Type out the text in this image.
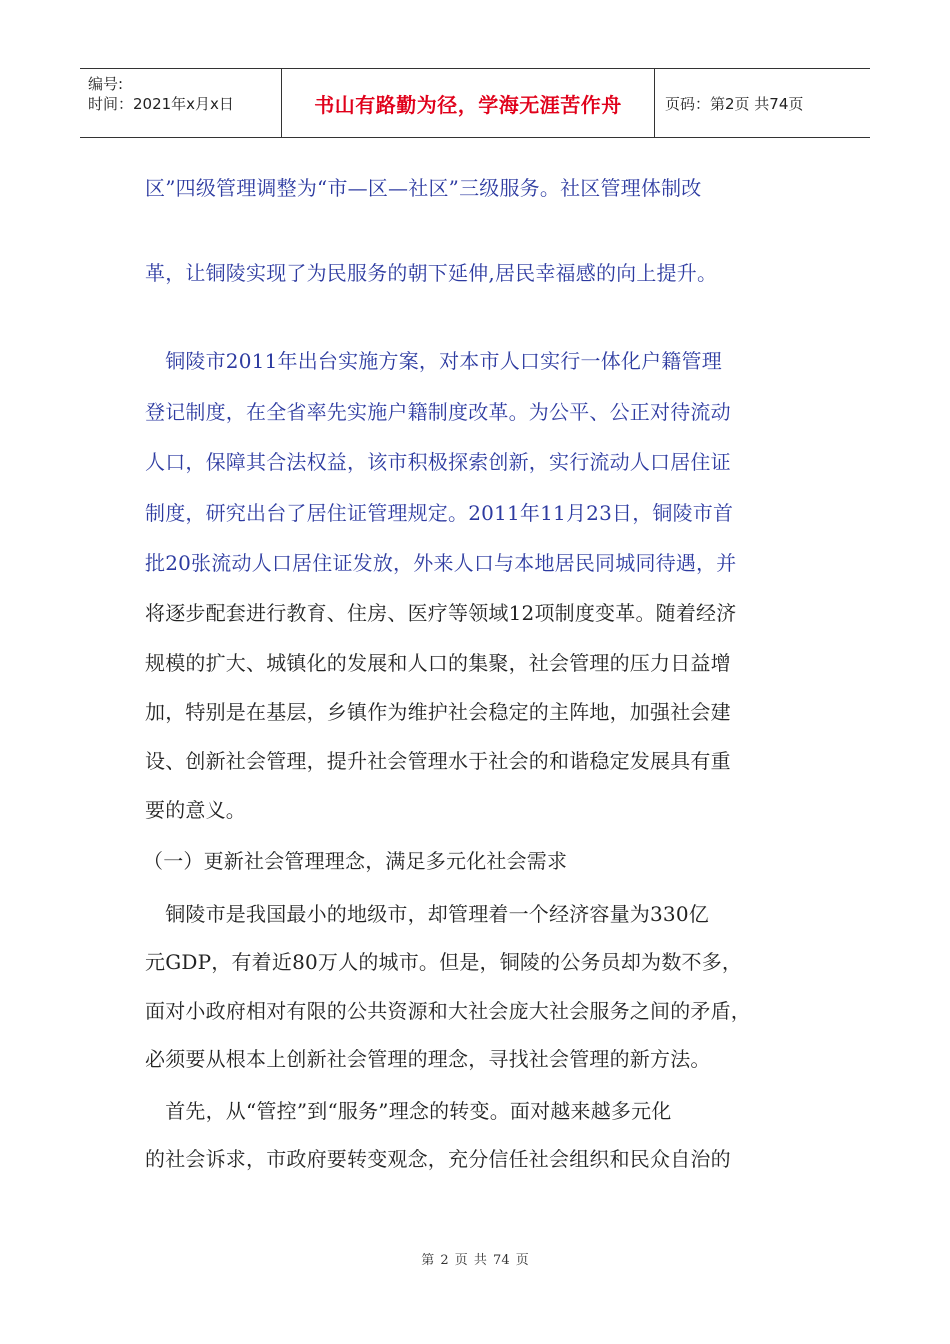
编号:
时间：2021年x月x日	书山有路勤为径，学海无涯苦作舟	页码：第2页 共74页
区”四级管理调整为“市—区—社区”三级服务。社区管理体制改
革，让铜陵实现了为民服务的朝下延伸,居民幸福感的向上提升。
　铜陵市2011年出台实施方案，对本市人口实行一体化户籍管理
登记制度，在全省率先实施户籍制度改革。为公平、公正对待流动
人口，保障其合法权益，该市积极探索创新，实行流动人口居住证
制度，研究出台了居住证管理规定。2011年11月23日，铜陵市首
批20张流动人口居住证发放，外来人口与本地居民同城同待遇，并
将逐步配套进行教育、住房、医疗等领域12项制度变革。随着经济
规模的扩大、城镇化的发展和人口的集聚，社会管理的压力日益增
加，特别是在基层，乡镇作为维护社会稳定的主阵地，加强社会建
设、创新社会管理，提升社会管理水于社会的和谐稳定发展具有重
要的意义。
（一）更新社会管理理念，满足多元化社会需求
　铜陵市是我国最小的地级市，却管理着一个经济容量为330亿
元GDP，有着近80万人的城市。但是，铜陵的公务员却为数不多，
面对小政府相对有限的公共资源和大社会庞大社会服务之间的矛盾，
必须要从根本上创新社会管理的理念，寻找社会管理的新方法。
　首先，从“管控”到“服务”理念的转变。面对越来越多元化
的社会诉求，市政府要转变观念，充分信任社会组织和民众自治的
第 2 页 共 74 页
